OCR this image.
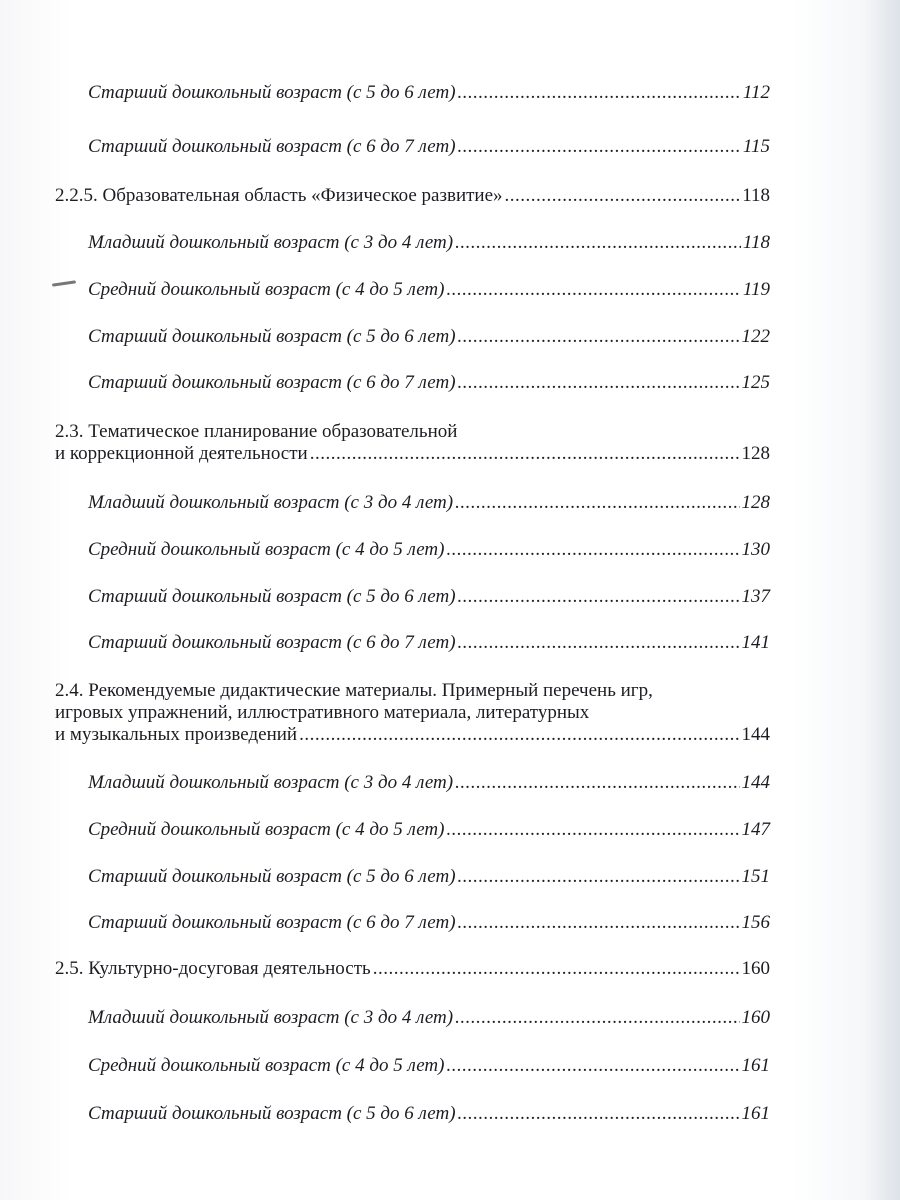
Старший дошкольный возраст (с 5 до 6 лет) .....	112
Старший дошкольный возраст (с 6 до 7 лет) .....	115
2.2.5. Образовательная область «Физическое развитие» .....	118
Младший дошкольный возраст (с 3 до 4 лет) .....	118
Средний дошкольный возраст (с 4 до 5 лет) .....	119
Старший дошкольный возраст (с 5 до 6 лет) .....	122
Старший дошкольный возраст (с 6 до 7 лет) .....	125
2.3. Тематическое планирование образовательной
и коррекционной деятельности .....	128
Младший дошкольный возраст (с 3 до 4 лет) .....	128
Средний дошкольный возраст (с 4 до 5 лет) .....	130
Старший дошкольный возраст (с 5 до 6 лет) .....	137
Старший дошкольный возраст (с 6 до 7 лет) .....	141
2.4. Рекомендуемые дидактические материалы. Примерный перечень игр,
игровых упражнений, иллюстративного материала, литературных
и музыкальных произведений .....	144
Младший дошкольный возраст (с 3 до 4 лет) .....	144
Средний дошкольный возраст (с 4 до 5 лет) .....	147
Старший дошкольный возраст (с 5 до 6 лет) .....	151
Старший дошкольный возраст (с 6 до 7 лет) .....	156
2.5. Культурно-досуговая деятельность .....	160
Младший дошкольный возраст (с 3 до 4 лет) .....	160
Средний дошкольный возраст (с 4 до 5 лет) .....	161
Старший дошкольный возраст (с 5 до 6 лет) .....	161
